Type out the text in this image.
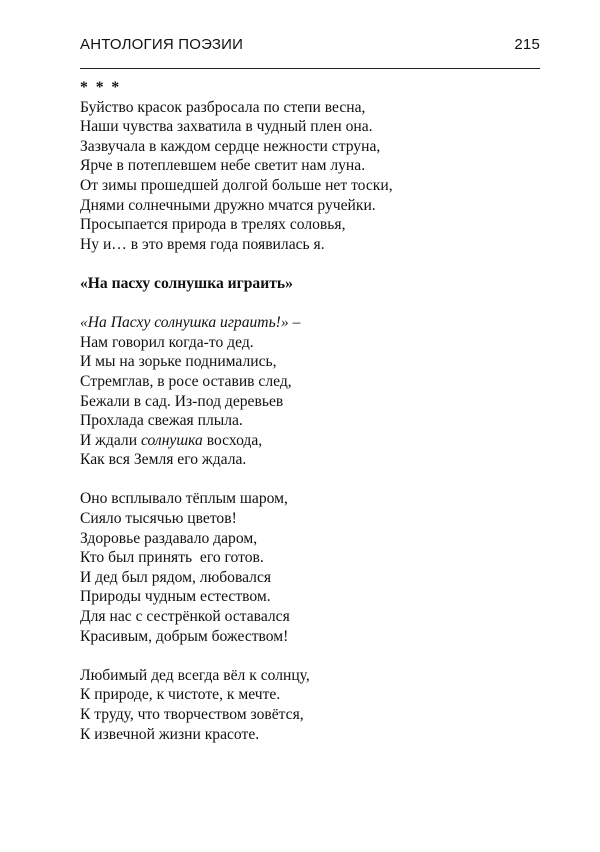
АНТОЛОГИЯ ПОЭЗИИ	215
* * *
Буйство красок разбросала по степи весна,
Наши чувства захватила в чудный плен она.
Зазвучала в каждом сердце нежности струна,
Ярче в потеплевшем небе светит нам луна.
От зимы прошедшей долгой больше нет тоски,
Днями солнечными дружно мчатся ручейки.
Просыпается природа в трелях соловья,
Ну и… в это время года появилась я.
«На пасху солнушка играить»
«На Пасху солнушка играить!» –
Нам говорил когда-то дед.
И мы на зорьке поднимались,
Стремглав, в росе оставив след,
Бежали в сад. Из-под деревьев
Прохлада свежая плыла.
И ждали солнушка восхода,
Как вся Земля его ждала.
Оно всплывало тёплым шаром,
Сияло тысячью цветов!
Здоровье раздавало даром,
Кто был принять  его готов.
И дед был рядом, любовался
Природы чудным естеством.
Для нас с сестрёнкой оставался
Красивым, добрым божеством!
Любимый дед всегда вёл к солнцу,
К природе, к чистоте, к мечте.
К труду, что творчеством зовётся,
К извечной жизни красоте.
